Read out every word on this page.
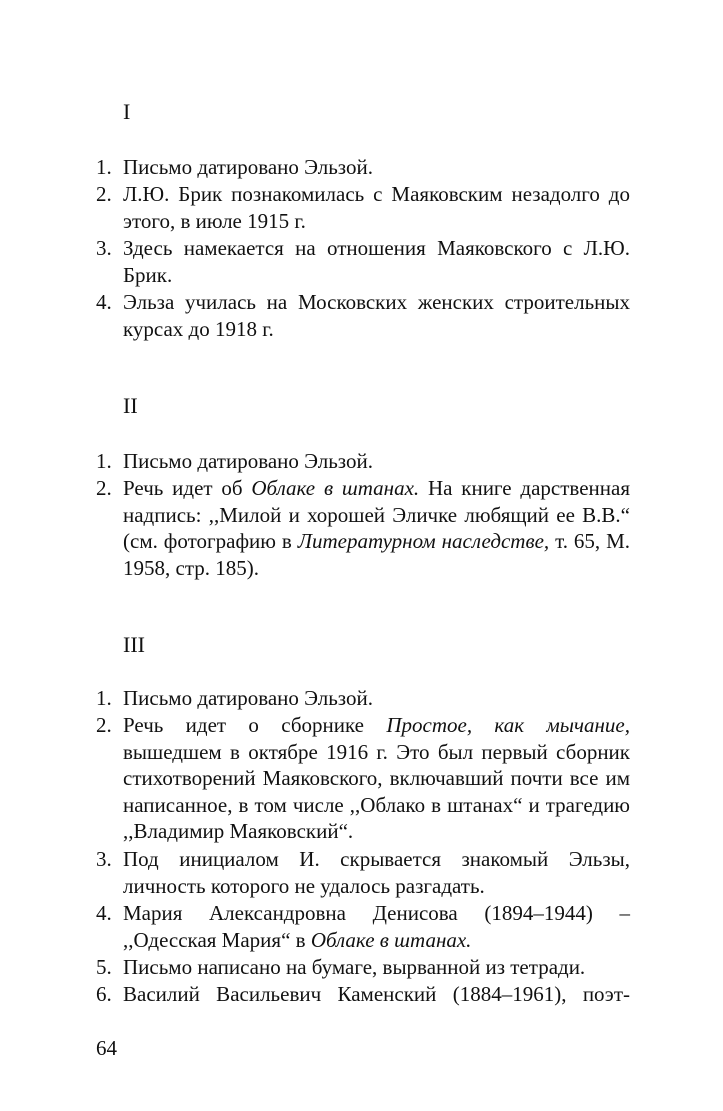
I
1. Письмо датировано Эльзой.
2. Л.Ю. Брик познакомилась с Маяковским незадолго до этого, в июле 1915 г.
3. Здесь намекается на отношения Маяковского с Л.Ю. Брик.
4. Эльза училась на Московских женских строительных курсах до 1918 г.
II
1. Письмо датировано Эльзой.
2. Речь идет об Облаке в штанах. На книге дарственная надпись: ,,Милой и хорошей Эличке любящий ее В.В.“ (см. фотографию в Литературном наследстве, т. 65, М. 1958, стр. 185).
III
1. Письмо датировано Эльзой.
2. Речь идет о сборнике Простое, как мычание, вышедшем в октябре 1916 г. Это был первый сборник стихотворений Маяковского, включавший почти все им написанное, в том числе ,,Облако в штанах“ и трагедию ,,Владимир Маяковский“.
3. Под инициалом И. скрывается знакомый Эльзы, личность которого не удалось разгадать.
4. Мария Александровна Денисова (1894–1944) – ,,Одесская Мария“ в Облаке в штанах.
5. Письмо написано на бумаге, вырванной из тетради.
6. Василий Васильевич Каменский (1884–1961), поэт-
64
